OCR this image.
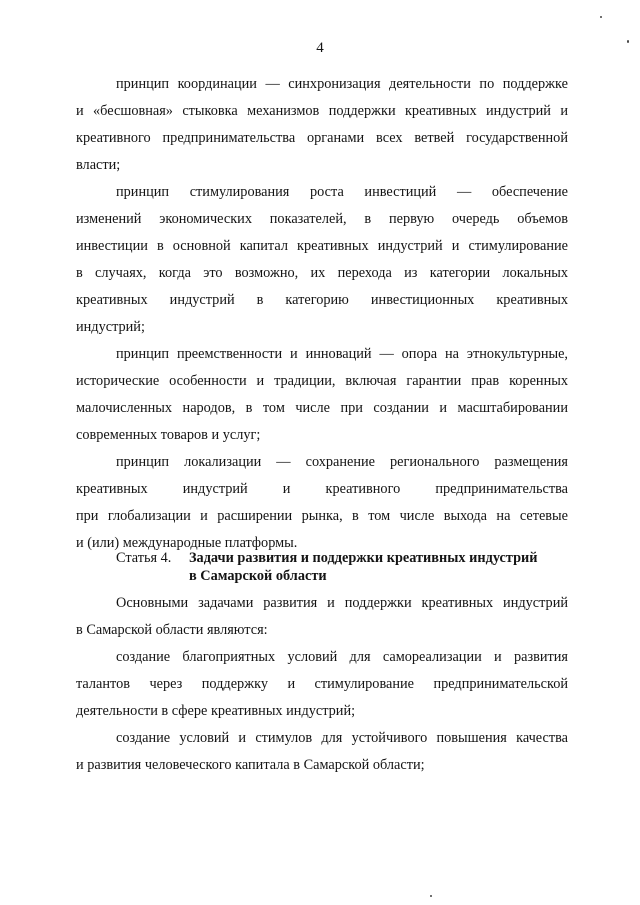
4
принцип координации — синхронизация деятельности по поддержке
и «бесшовная» стыковка механизмов поддержки креативных индустрий и
креативного предпринимательства органами всех ветвей государственной
власти;
принцип стимулирования роста инвестиций — обеспечение
изменений экономических показателей, в первую очередь объемов
инвестиции в основной капитал креативных индустрий и стимулирование
в случаях, когда это возможно, их перехода из категории локальных
креативных индустрий в категорию инвестиционных креативных
индустрий;
принцип преемственности и инноваций — опора на этнокультурные,
исторические особенности и традиции, включая гарантии прав коренных
малочисленных народов, в том числе при создании и масштабировании
современных товаров и услуг;
принцип локализации — сохранение регионального размещения
креативных индустрий и креативного предпринимательства
при глобализации и расширении рынка, в том числе выхода на сетевые
и (или) международные платформы.
Статья 4. Задачи развития и поддержки креативных индустрий
в Самарской области
Основными задачами развития и поддержки креативных индустрий
в Самарской области являются:
создание благоприятных условий для самореализации и развития
талантов через поддержку и стимулирование предпринимательской
деятельности в сфере креативных индустрий;
создание условий и стимулов для устойчивого повышения качества
и развития человеческого капитала в Самарской области;
